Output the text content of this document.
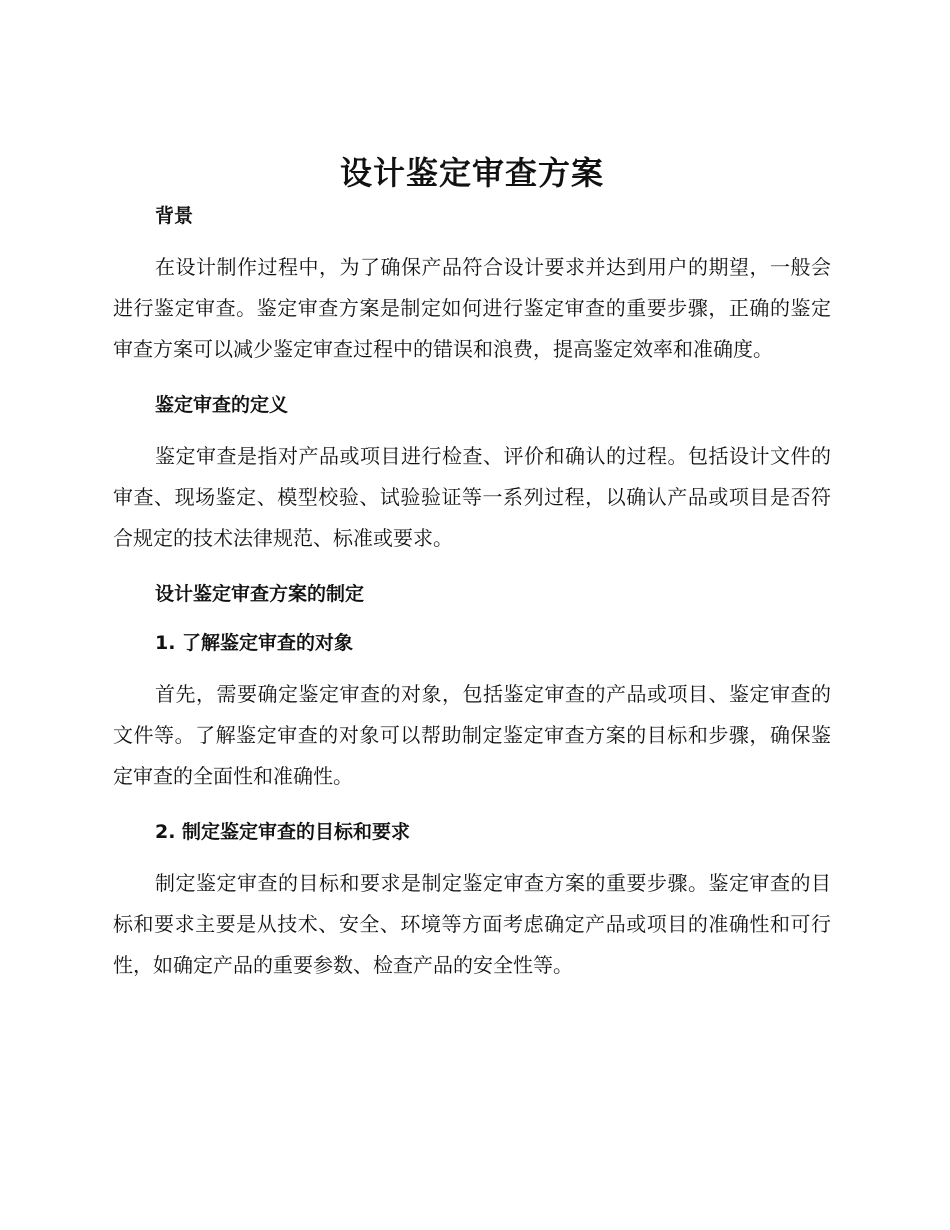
设计鉴定审查方案
背景

在设计制作过程中，为了确保产品符合设计要求并达到用户的期望，一般会进行鉴定审查。鉴定审查方案是制定如何进行鉴定审查的重要步骤，正确的鉴定审查方案可以减少鉴定审查过程中的错误和浪费，提高鉴定效率和准确度。

鉴定审查的定义

鉴定审查是指对产品或项目进行检查、评价和确认的过程。包括设计文件的审查、现场鉴定、模型校验、试验验证等一系列过程，以确认产品或项目是否符合规定的技术法律规范、标准或要求。

设计鉴定审查方案的制定
1. 了解鉴定审查的对象

首先，需要确定鉴定审查的对象，包括鉴定审查的产品或项目、鉴定审查的文件等。了解鉴定审查的对象可以帮助制定鉴定审查方案的目标和步骤，确保鉴定审查的全面性和准确性。

2. 制定鉴定审查的目标和要求

制定鉴定审查的目标和要求是制定鉴定审查方案的重要步骤。鉴定审查的目标和要求主要是从技术、安全、环境等方面考虑确定产品或项目的准确性和可行性，如确定产品的重要参数、检查产品的安全性等。
